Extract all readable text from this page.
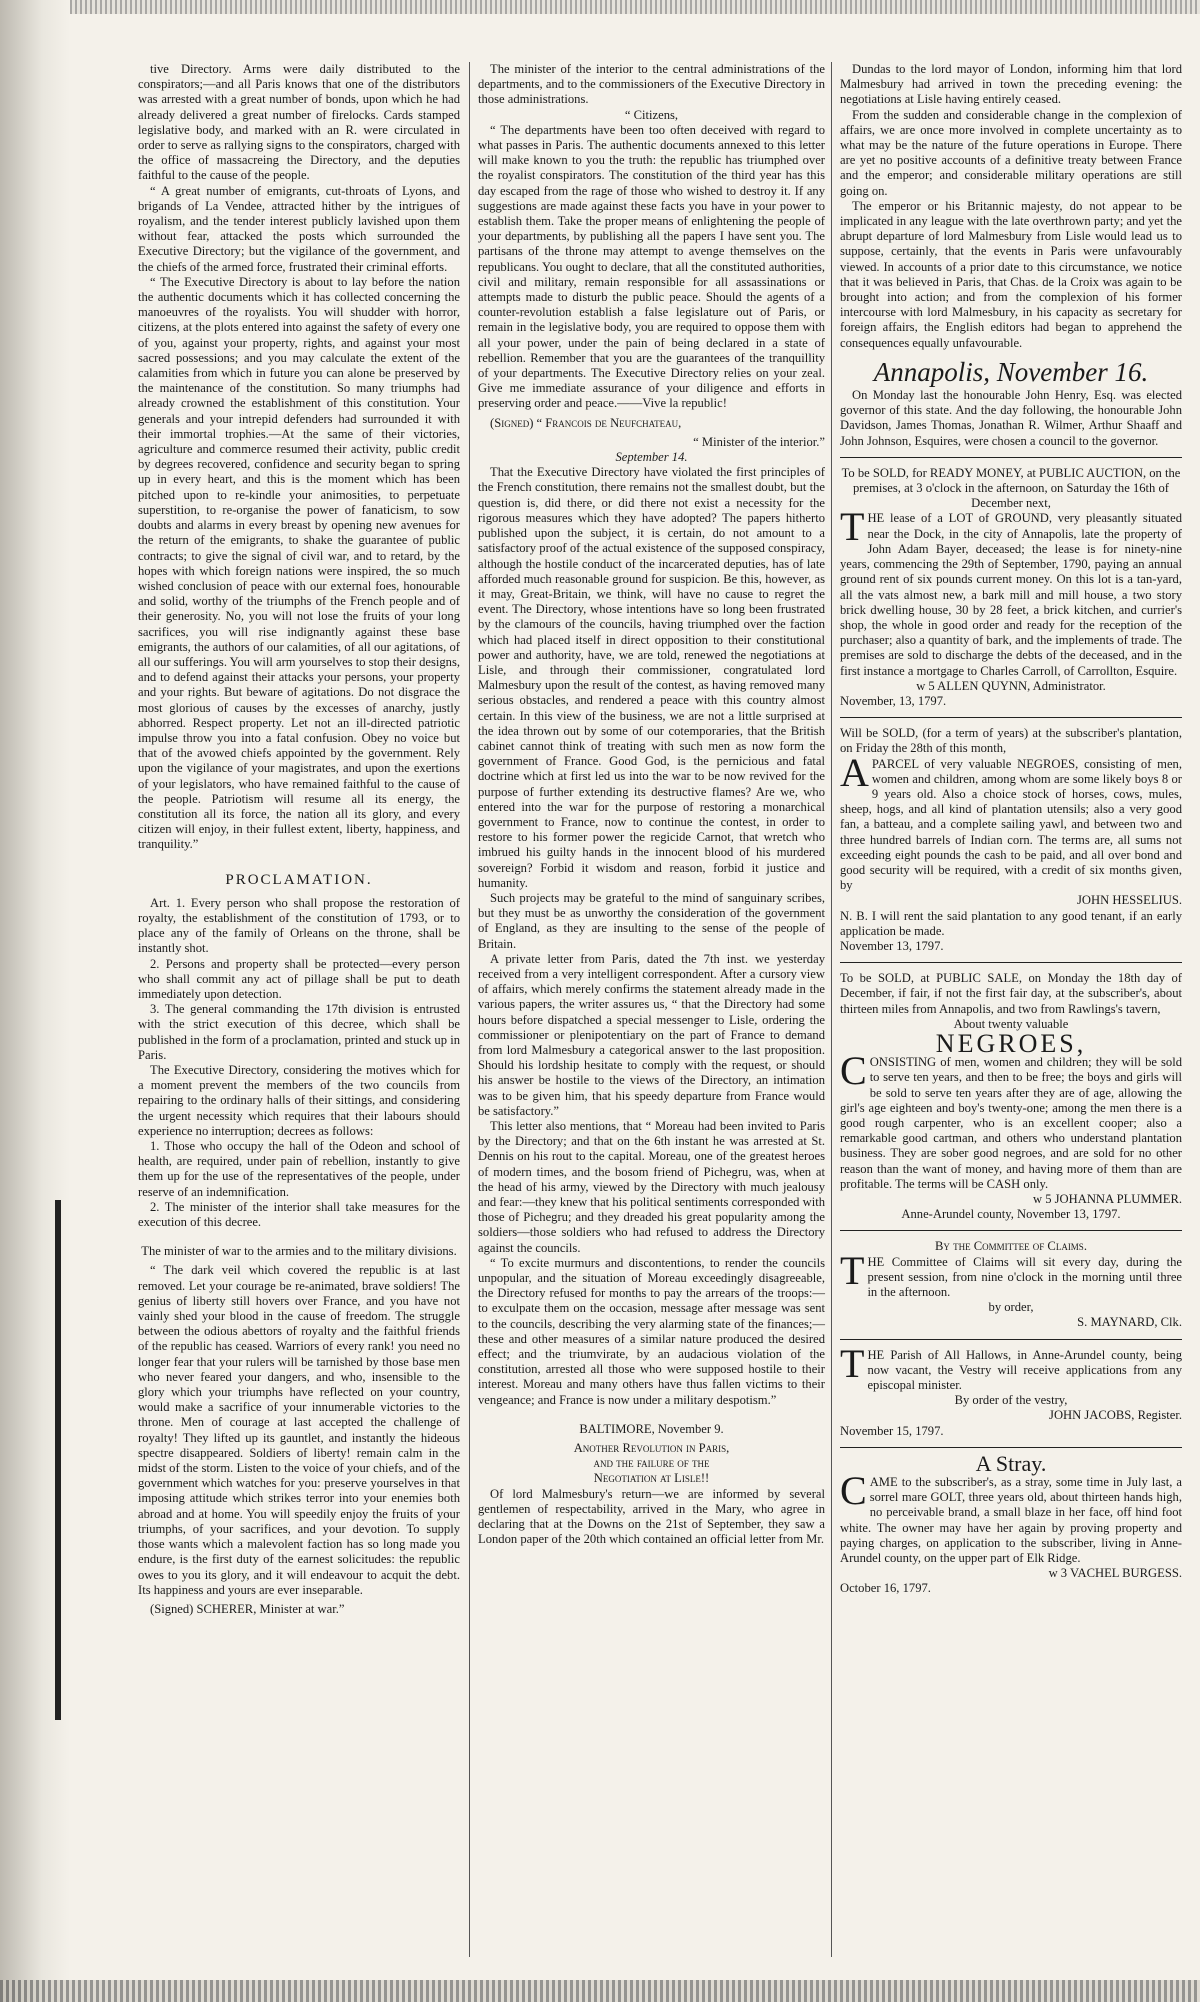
tive Directory. Arms were daily distributed to the conspirators;—and all Paris knows that one of the distributors was arrested with a great number of bonds, upon which he had already delivered a great number of firelocks. Cards stamped legislative body, and marked with an R. were circulated in order to serve as rallying signs to the conspirators, charged with the office of massacreing the Directory, and the deputies faithful to the cause of the people.

“ A great number of emigrants, cut-throats of Lyons, and brigands of La Vendee, attracted hither by the intrigues of royalism, and the tender interest publicly lavished upon them without fear, attacked the posts which surrounded the Executive Directory; but the vigilance of the government, and the chiefs of the armed force, frustrated their criminal efforts.

“ The Executive Directory is about to lay before the nation the authentic documents which it has collected concerning the manoeuvres of the royalists. You will shudder with horror, citizens, at the plots entered into against the safety of every one of you, against your property, rights, and against your most sacred possessions; and you may calculate the extent of the calamities from which in future you can alone be preserved by the maintenance of the constitution. So many triumphs had already crowned the establishment of this constitution. Your generals and your intrepid defenders had surrounded it with their immortal trophies.—At the same of their victories, agriculture and commerce resumed their activity, public credit by degrees recovered, confidence and security began to spring up in every heart, and this is the moment which has been pitched upon to re-kindle your animosities, to perpetuate superstition, to re-organise the power of fanaticism, to sow doubts and alarms in every breast by opening new avenues for the return of the emigrants, to shake the guarantee of public contracts; to give the signal of civil war, and to retard, by the hopes with which foreign nations were inspired, the so much wished conclusion of peace with our external foes, honourable and solid, worthy of the triumphs of the French people and of their generosity. No, you will not lose the fruits of your long sacrifices, you will rise indignantly against these base emigrants, the authors of our calamities, of all our agitations, of all our sufferings. You will arm yourselves to stop their designs, and to defend against their attacks your persons, your property and your rights. But beware of agitations. Do not disgrace the most glorious of causes by the excesses of anarchy, justly abhorred. Respect property. Let not an ill-directed patriotic impulse throw you into a fatal confusion. Obey no voice but that of the avowed chiefs appointed by the government. Rely upon the vigilance of your magistrates, and upon the exertions of your legislators, who have remained faithful to the cause of the people. Patriotism will resume all its energy, the constitution all its force, the nation all its glory, and every citizen will enjoy, in their fullest extent, liberty, happiness, and tranquility.”

PROCLAMATION.

Art. 1. Every person who shall propose the restoration of royalty, the establishment of the constitution of 1793, or to place any of the family of Orleans on the throne, shall be instantly shot.

2. Persons and property shall be protected—every person who shall commit any act of pillage shall be put to death immediately upon detection.

3. The general commanding the 17th division is entrusted with the strict execution of this decree, which shall be published in the form of a proclamation, printed and stuck up in Paris.

The Executive Directory, considering the motives which for a moment prevent the members of the two councils from repairing to the ordinary halls of their sittings, and considering the urgent necessity which requires that their labours should experience no interruption; decrees as follows:

1. Those who occupy the hall of the Odeon and school of health, are required, under pain of rebellion, instantly to give them up for the use of the representatives of the people, under reserve of an indemnification.

2. The minister of the interior shall take measures for the execution of this decree.

The minister of war to the armies and to the military divisions.

“ The dark veil which covered the republic is at last removed. Let your courage be re-animated, brave soldiers! The genius of liberty still hovers over France, and you have not vainly shed your blood in the cause of freedom. The struggle between the odious abettors of royalty and the faithful friends of the republic has ceased. Warriors of every rank! you need no longer fear that your rulers will be tarnished by those base men who never feared your dangers, and who, insensible to the glory which your triumphs have reflected on your country, would make a sacrifice of your innumerable victories to the throne. Men of courage at last accepted the challenge of royalty! They lifted up its gauntlet, and instantly the hideous spectre disappeared. Soldiers of liberty! remain calm in the midst of the storm. Listen to the voice of your chiefs, and of the government which watches for you: preserve yourselves in that imposing attitude which strikes terror into your enemies both abroad and at home. You will speedily enjoy the fruits of your triumphs, of your sacrifices, and your devotion. To supply those wants which a malevolent faction has so long made you endure, is the first duty of the earnest solicitudes: the republic owes to you its glory, and it will endeavour to acquit the debt. Its happiness and yours are ever inseparable.

(Signed) SCHERER, Minister at war.”

The minister of the interior to the central administrations of the departments, and to the commissioners of the Executive Directory in those administrations.

“ Citizens,

“ The departments have been too often deceived with regard to what passes in Paris. The authentic documents annexed to this letter will make known to you the truth: the republic has triumphed over the royalist conspirators. The constitution of the third year has this day escaped from the rage of those who wished to destroy it. If any suggestions are made against these facts you have in your power to establish them. Take the proper means of enlightening the people of your departments, by publishing all the papers I have sent you. The partisans of the throne may attempt to avenge themselves on the republicans. You ought to declare, that all the constituted authorities, civil and military, remain responsible for all assassinations or attempts made to disturb the public peace. Should the agents of a counter-revolution establish a false legislature out of Paris, or remain in the legislative body, you are required to oppose them with all your power, under the pain of being declared in a state of rebellion. Remember that you are the guarantees of the tranquillity of your departments. The Executive Directory relies on your zeal. Give me immediate assurance of your diligence and efforts in preserving order and peace.——Vive la republic!

(Signed) “ Francois de Neufchateau,

“ Minister of the interior.”

September 14.

That the Executive Directory have violated the first principles of the French constitution, there remains not the smallest doubt, but the question is, did there, or did there not exist a necessity for the rigorous measures which they have adopted? The papers hitherto published upon the subject, it is certain, do not amount to a satisfactory proof of the actual existence of the supposed conspiracy, although the hostile conduct of the incarcerated deputies, has of late afforded much reasonable ground for suspicion. Be this, however, as it may, Great-Britain, we think, will have no cause to regret the event. The Directory, whose intentions have so long been frustrated by the clamours of the councils, having triumphed over the faction which had placed itself in direct opposition to their constitutional power and authority, have, we are told, renewed the negotiations at Lisle, and through their commissioner, congratulated lord Malmesbury upon the result of the contest, as having removed many serious obstacles, and rendered a peace with this country almost certain. In this view of the business, we are not a little surprised at the idea thrown out by some of our cotemporaries, that the British cabinet cannot think of treating with such men as now form the government of France. Good God, is the pernicious and fatal doctrine which at first led us into the war to be now revived for the purpose of further extending its destructive flames? Are we, who entered into the war for the purpose of restoring a monarchical government to France, now to continue the contest, in order to restore to his former power the regicide Carnot, that wretch who imbrued his guilty hands in the innocent blood of his murdered sovereign? Forbid it wisdom and reason, forbid it justice and humanity.

Such projects may be grateful to the mind of sanguinary scribes, but they must be as unworthy the consideration of the government of England, as they are insulting to the sense of the people of Britain.

A private letter from Paris, dated the 7th inst. we yesterday received from a very intelligent correspondent. After a cursory view of affairs, which merely confirms the statement already made in the various papers, the writer assures us, “ that the Directory had some hours before dispatched a special messenger to Lisle, ordering the commissioner or plenipotentiary on the part of France to demand from lord Malmesbury a categorical answer to the last proposition. Should his lordship hesitate to comply with the request, or should his answer be hostile to the views of the Directory, an intimation was to be given him, that his speedy departure from France would be satisfactory.”

This letter also mentions, that “ Moreau had been invited to Paris by the Directory; and that on the 6th instant he was arrested at St. Dennis on his rout to the capital. Moreau, one of the greatest heroes of modern times, and the bosom friend of Pichegru, was, when at the head of his army, viewed by the Directory with much jealousy and fear:—they knew that his political sentiments corresponded with those of Pichegru; and they dreaded his great popularity among the soldiers—those soldiers who had refused to address the Directory against the councils.

“ To excite murmurs and discontentions, to render the councils unpopular, and the situation of Moreau exceedingly disagreeable, the Directory refused for months to pay the arrears of the troops:—to exculpate them on the occasion, message after message was sent to the councils, describing the very alarming state of the finances;—these and other measures of a similar nature produced the desired effect; and the triumvirate, by an audacious violation of the constitution, arrested all those who were supposed hostile to their interest. Moreau and many others have thus fallen victims to their vengeance; and France is now under a military despotism.”

BALTIMORE, November 9.

Another Revolution in Paris,

and the failure of the

Negotiation at Lisle!!

Of lord Malmesbury's return—we are informed by several gentlemen of respectability, arrived in the Mary, who agree in declaring that at the Downs on the 21st of September, they saw a London paper of the 20th which contained an official letter from Mr.

Dundas to the lord mayor of London, informing him that lord Malmesbury had arrived in town the preceding evening: the negotiations at Lisle having entirely ceased.

From the sudden and considerable change in the complexion of affairs, we are once more involved in complete uncertainty as to what may be the nature of the future operations in Europe. There are yet no positive accounts of a definitive treaty between France and the emperor; and considerable military operations are still going on.

The emperor or his Britannic majesty, do not appear to be implicated in any league with the late overthrown party; and yet the abrupt departure of lord Malmesbury from Lisle would lead us to suppose, certainly, that the events in Paris were unfavourably viewed. In accounts of a prior date to this circumstance, we notice that it was believed in Paris, that Chas. de la Croix was again to be brought into action; and from the complexion of his former intercourse with lord Malmesbury, in his capacity as secretary for foreign affairs, the English editors had began to apprehend the consequences equally unfavourable.

Annapolis, November 16.

On Monday last the honourable John Henry, Esq. was elected governor of this state. And the day following, the honourable John Davidson, James Thomas, Jonathan R. Wilmer, Arthur Shaaff and John Johnson, Esquires, were chosen a council to the governor.

To be SOLD, for READY MONEY, at PUBLIC AUCTION, on the premises, at 3 o'clock in the afternoon, on Saturday the 16th of December next,

THE lease of a LOT of GROUND, very pleasantly situated near the Dock, in the city of Annapolis, late the property of John Adam Bayer, deceased; the lease is for ninety-nine years, commencing the 29th of September, 1790, paying an annual ground rent of six pounds current money. On this lot is a tan-yard, all the vats almost new, a bark mill and mill house, a two story brick dwelling house, 30 by 28 feet, a brick kitchen, and currier's shop, the whole in good order and ready for the reception of the purchaser; also a quantity of bark, and the implements of trade. The premises are sold to discharge the debts of the deceased, and in the first instance a mortgage to Charles Carroll, of Carrollton, Esquire.

w 5 ALLEN QUYNN, Administrator.

November, 13, 1797.

Will be SOLD, (for a term of years) at the subscriber's plantation, on Friday the 28th of this month,

APARCEL of very valuable NEGROES, consisting of men, women and children, among whom are some likely boys 8 or 9 years old. Also a choice stock of horses, cows, mules, sheep, hogs, and all kind of plantation utensils; also a very good fan, a batteau, and a complete sailing yawl, and between two and three hundred barrels of Indian corn. The terms are, all sums not exceeding eight pounds the cash to be paid, and all over bond and good security will be required, with a credit of six months given, by

JOHN HESSELIUS.

N. B. I will rent the said plantation to any good tenant, if an early application be made.

November 13, 1797.

To be SOLD, at PUBLIC SALE, on Monday the 18th day of December, if fair, if not the first fair day, at the subscriber's, about thirteen miles from Annapolis, and two from Rawlings's tavern,

About twenty valuable

NEGROES,

CONSISTING of men, women and children; they will be sold to serve ten years, and then to be free; the boys and girls will be sold to serve ten years after they are of age, allowing the girl's age eighteen and boy's twenty-one; among the men there is a good rough carpenter, who is an excellent cooper; also a remarkable good cartman, and others who understand plantation business. They are sober good negroes, and are sold for no other reason than the want of money, and having more of them than are profitable. The terms will be CASH only.

w 5 JOHANNA PLUMMER.

Anne-Arundel county, November 13, 1797.

By the Committee of Claims.

THE Committee of Claims will sit every day, during the present session, from nine o'clock in the morning until three in the afternoon.

by order,

S. MAYNARD, Clk.

THE Parish of All Hallows, in Anne-Arundel county, being now vacant, the Vestry will receive applications from any episcopal minister.

By order of the vestry,

JOHN JACOBS, Register.

November 15, 1797.

A Stray.

CAME to the subscriber's, as a stray, some time in July last, a sorrel mare GOLT, three years old, about thirteen hands high, no perceivable brand, a small blaze in her face, off hind foot white. The owner may have her again by proving property and paying charges, on application to the subscriber, living in Anne-Arundel county, on the upper part of Elk Ridge.

w 3 VACHEL BURGESS.

October 16, 1797.
